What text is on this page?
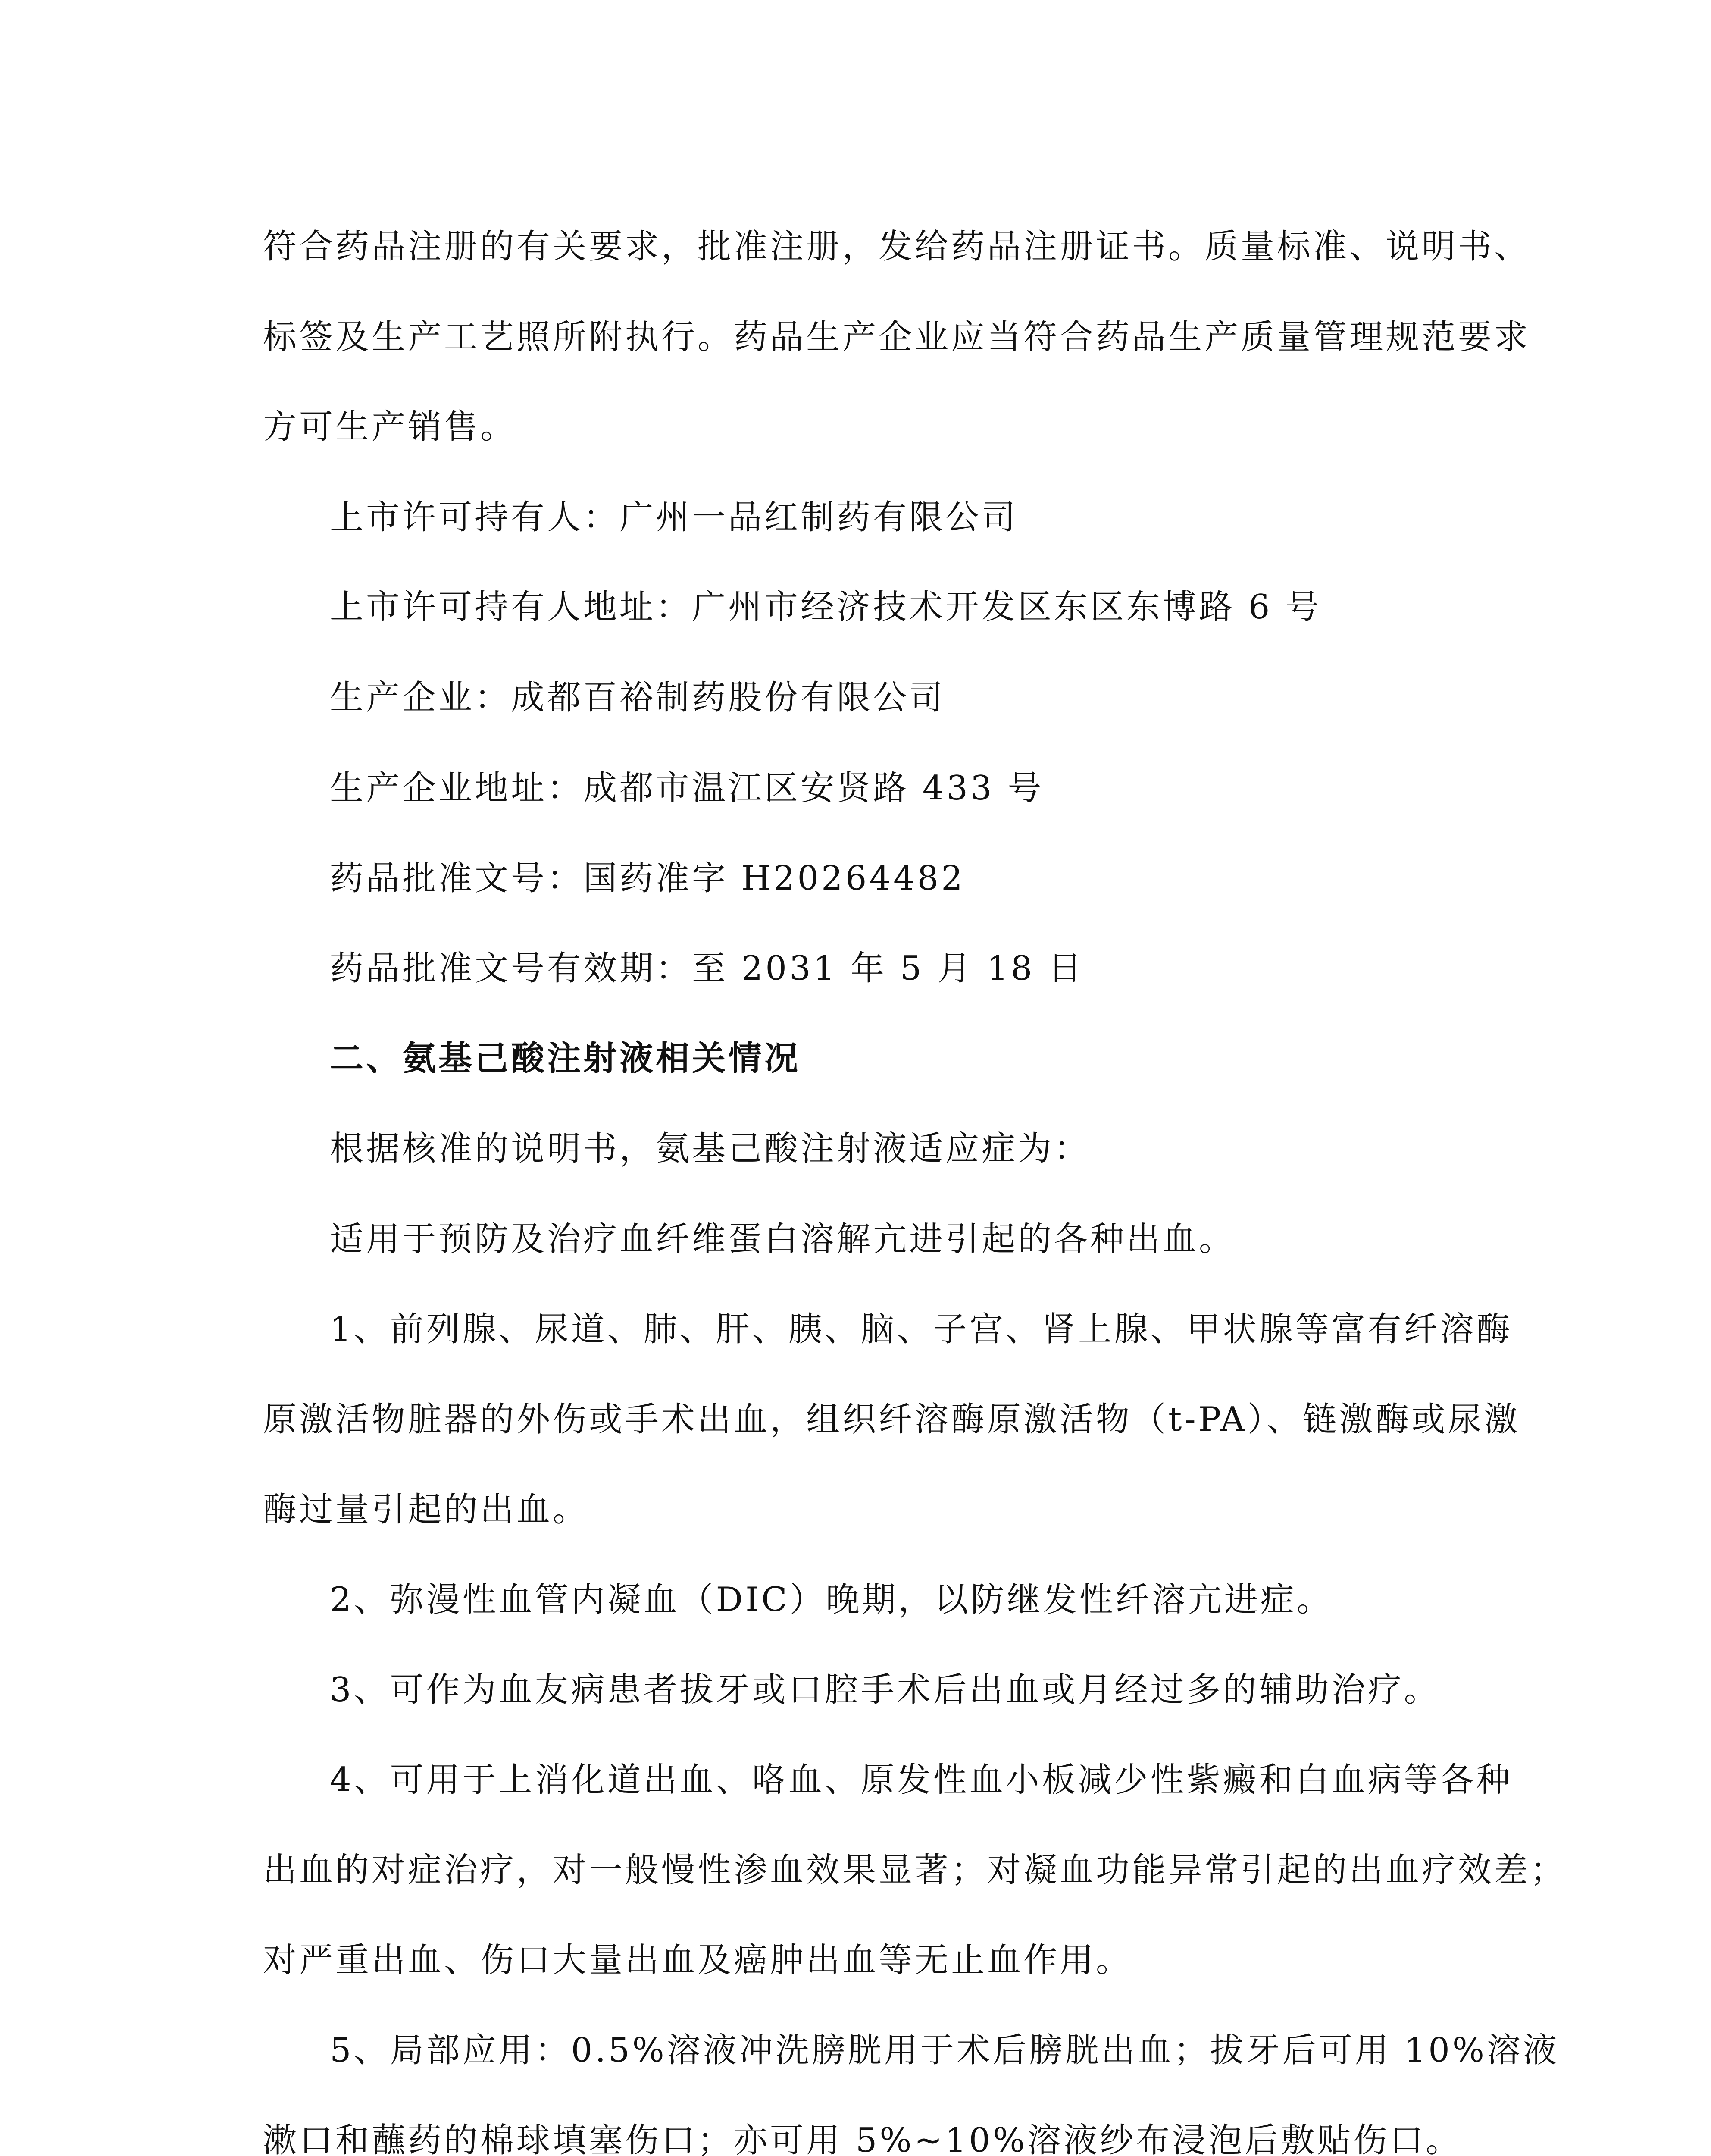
符合药品注册的有关要求，批准注册，发给药品注册证书。质量标准、说明书、
标签及生产工艺照所附执行。药品生产企业应当符合药品生产质量管理规范要求
方可生产销售。
上市许可持有人：广州一品红制药有限公司
上市许可持有人地址：广州市经济技术开发区东区东博路 6 号
生产企业：成都百裕制药股份有限公司
生产企业地址：成都市温江区安贤路 433 号
药品批准文号：国药准字 H20264482
药品批准文号有效期：至 2031 年 5 月 18 日
二、氨基己酸注射液相关情况
根据核准的说明书，氨基己酸注射液适应症为：
适用于预防及治疗血纤维蛋白溶解亢进引起的各种出血。
1、前列腺、尿道、肺、肝、胰、脑、子宫、肾上腺、甲状腺等富有纤溶酶
原激活物脏器的外伤或手术出血，组织纤溶酶原激活物（t-PA）、链激酶或尿激
酶过量引起的出血。
2、弥漫性血管内凝血（DIC）晚期，以防继发性纤溶亢进症。
3、可作为血友病患者拔牙或口腔手术后出血或月经过多的辅助治疗。
4、可用于上消化道出血、咯血、原发性血小板减少性紫癜和白血病等各种
出血的对症治疗，对一般慢性渗血效果显著；对凝血功能异常引起的出血疗效差；
对严重出血、伤口大量出血及癌肿出血等无止血作用。
5、局部应用：0.5%溶液冲洗膀胱用于术后膀胱出血；拔牙后可用 10%溶液
漱口和蘸药的棉球填塞伤口；亦可用 5%~10%溶液纱布浸泡后敷贴伤口。
